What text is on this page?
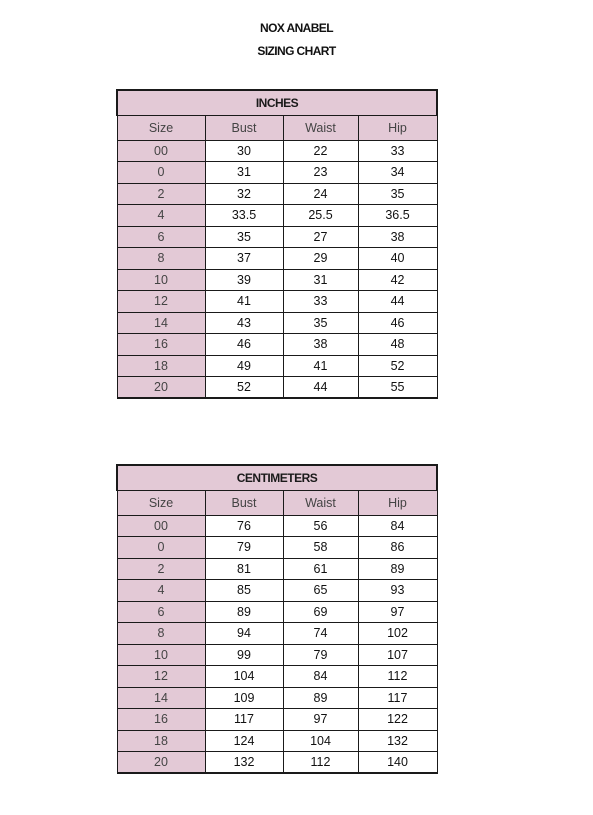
NOX ANABEL
SIZING CHART
INCHES			
Size	Bust	Waist	Hip
00	30	22	33
0	31	23	34
2	32	24	35
4	33.5	25.5	36.5
6	35	27	38
8	37	29	40
10	39	31	42
12	41	33	44
14	43	35	46
16	46	38	48
18	49	41	52
20	52	44	55
CENTIMETERS			
Size	Bust	Waist	Hip
00	76	56	84
0	79	58	86
2	81	61	89
4	85	65	93
6	89	69	97
8	94	74	102
10	99	79	107
12	104	84	112
14	109	89	117
16	117	97	122
18	124	104	132
20	132	112	140
